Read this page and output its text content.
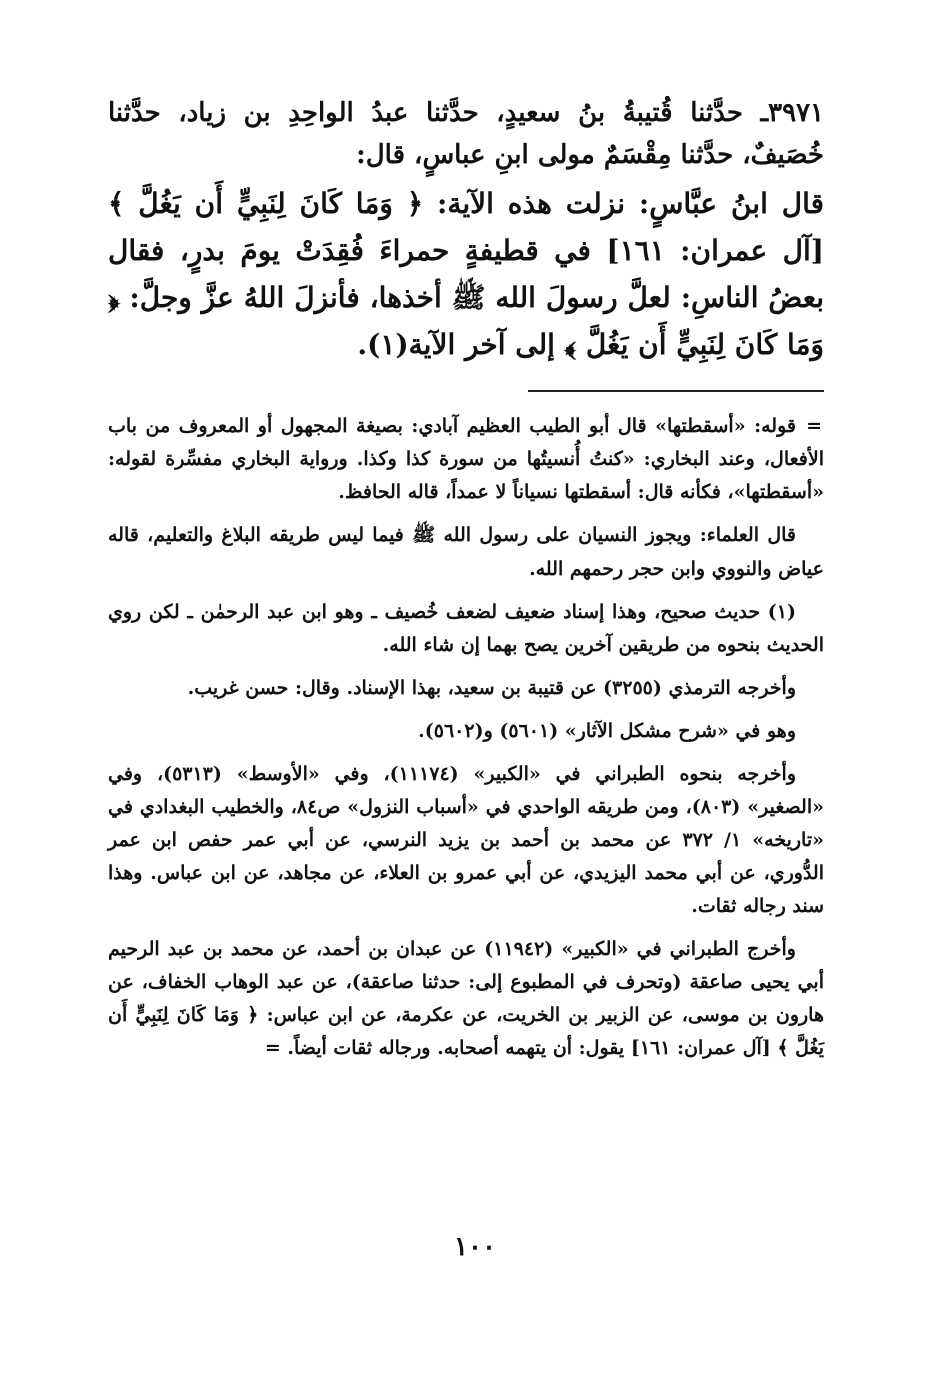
٣٩٧١ـ حدَّثنا قُتيبةُ بنُ سعيدٍ، حدَّثنا عبدُ الواحِدِ بن زياد، حدَّثنا خُصَيفٌ، حدَّثنا مِقْسَمٌ مولى ابنِ عباسٍ، قال:

قال ابنُ عبَّاسٍ: نزلت هذه الآية: ﴿ وَمَا كَانَ لِنَبِيٍّ أَن يَغُلَّ ﴾ [آل عمران: ١٦١] في قطيفةٍ حمراءَ فُقِدَتْ يومَ بدرٍ، فقال بعضُ الناسِ: لعلَّ رسولَ الله ﷺ أخذها، فأنزلَ اللهُ عزَّ وجلَّ: ﴿ وَمَا كَانَ لِنَبِيٍّ أَن يَغُلَّ ﴾ إلى آخر الآية(١).

=
قوله: «أسقطتها» قال أبو الطيب العظيم آبادي: بصيغة المجهول أو المعروف من باب الأفعال، وعند البخاري: «كنتُ أُنسيتُها من سورة كذا وكذا. ورواية البخاري مفسِّرة لقوله: «أسقطتها»، فكأنه قال: أسقطتها نسياناً لا عمداً، قاله الحافظ.

قال العلماء: ويجوز النسيان على رسول الله ﷺ فيما ليس طريقه البلاغ والتعليم، قاله عياض والنووي وابن حجر رحمهم الله.

(١) حديث صحيح، وهذا إسناد ضعيف لضعف خُصيف ـ وهو ابن عبد الرحمٰن ـ لكن روي الحديث بنحوه من طريقين آخرين يصح بهما إن شاء الله.

وأخرجه الترمذي (٣٢٥٥) عن قتيبة بن سعيد، بهذا الإسناد. وقال: حسن غريب.

وهو في «شرح مشكل الآثار» (٥٦٠١) و(٥٦٠٢).

وأخرجه بنحوه الطبراني في «الكبير» (١١١٧٤)، وفي «الأوسط» (٥٣١٣)، وفي «الصغير» (٨٠٣)، ومن طريقه الواحدي في «أسباب النزول» ص٨٤، والخطيب البغدادي في «تاريخه» ١/ ٣٧٢ عن محمد بن أحمد بن يزيد النرسي، عن أبي عمر حفص ابن عمر الدُّوري، عن أبي محمد اليزيدي، عن أبي عمرو بن العلاء، عن مجاهد، عن ابن عباس. وهذا سند رجاله ثقات.

وأخرج الطبراني في «الكبير» (١١٩٤٢) عن عبدان بن أحمد، عن محمد بن عبد الرحيم أبي يحيى صاعقة (وتحرف في المطبوع إلى: حدثنا صاعقة)، عن عبد الوهاب الخفاف، عن هارون بن موسى، عن الزبير بن الخريت، عن عكرمة، عن ابن عباس: ﴿ وَمَا كَانَ لِنَبِيٍّ أَن يَغُلَّ ﴾ [آل عمران: ١٦١] يقول: أن يتهمه أصحابه. ورجاله ثقات أيضاً. =

١٠٠
